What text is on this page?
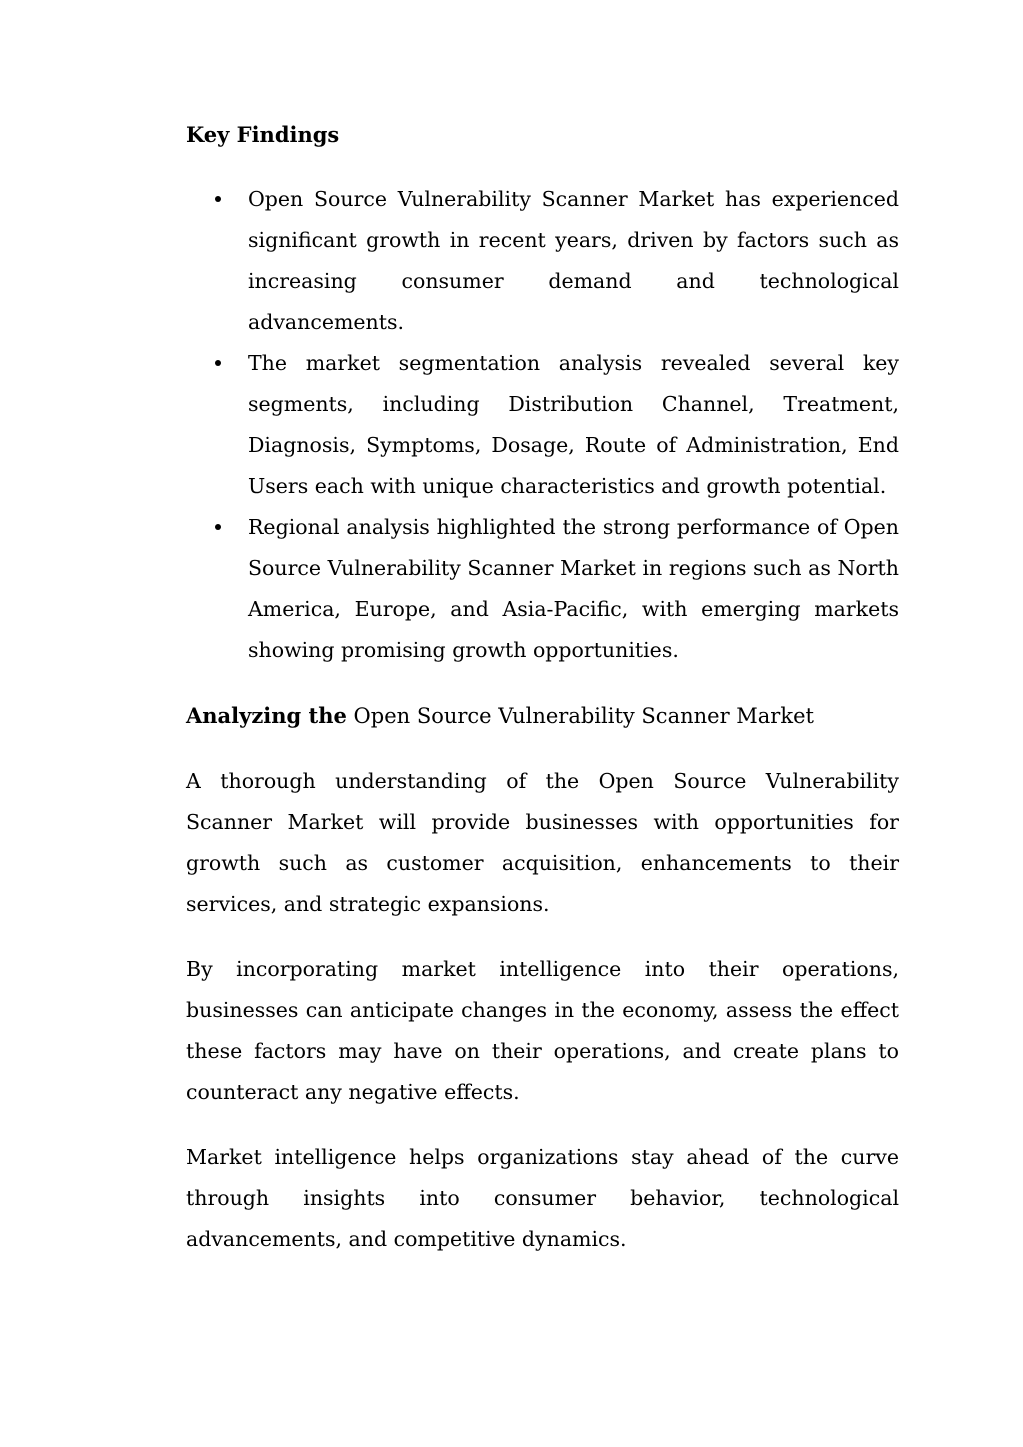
Key Findings
Open Source Vulnerability Scanner Market has experienced significant growth in recent years, driven by factors such as increasing consumer demand and technological advancements.
The market segmentation analysis revealed several key segments, including Distribution Channel, Treatment, Diagnosis, Symptoms, Dosage, Route of Administration, End Users each with unique characteristics and growth potential.
Regional analysis highlighted the strong performance of Open Source Vulnerability Scanner Market in regions such as North America, Europe, and Asia-Pacific, with emerging markets showing promising growth opportunities.

Analyzing the Open Source Vulnerability Scanner Market

A thorough understanding of the Open Source Vulnerability Scanner Market will provide businesses with opportunities for growth such as customer acquisition, enhancements to their services, and strategic expansions.

By incorporating market intelligence into their operations, businesses can anticipate changes in the economy, assess the effect these factors may have on their operations, and create plans to counteract any negative effects.

Market intelligence helps organizations stay ahead of the curve through insights into consumer behavior, technological advancements, and competitive dynamics.
